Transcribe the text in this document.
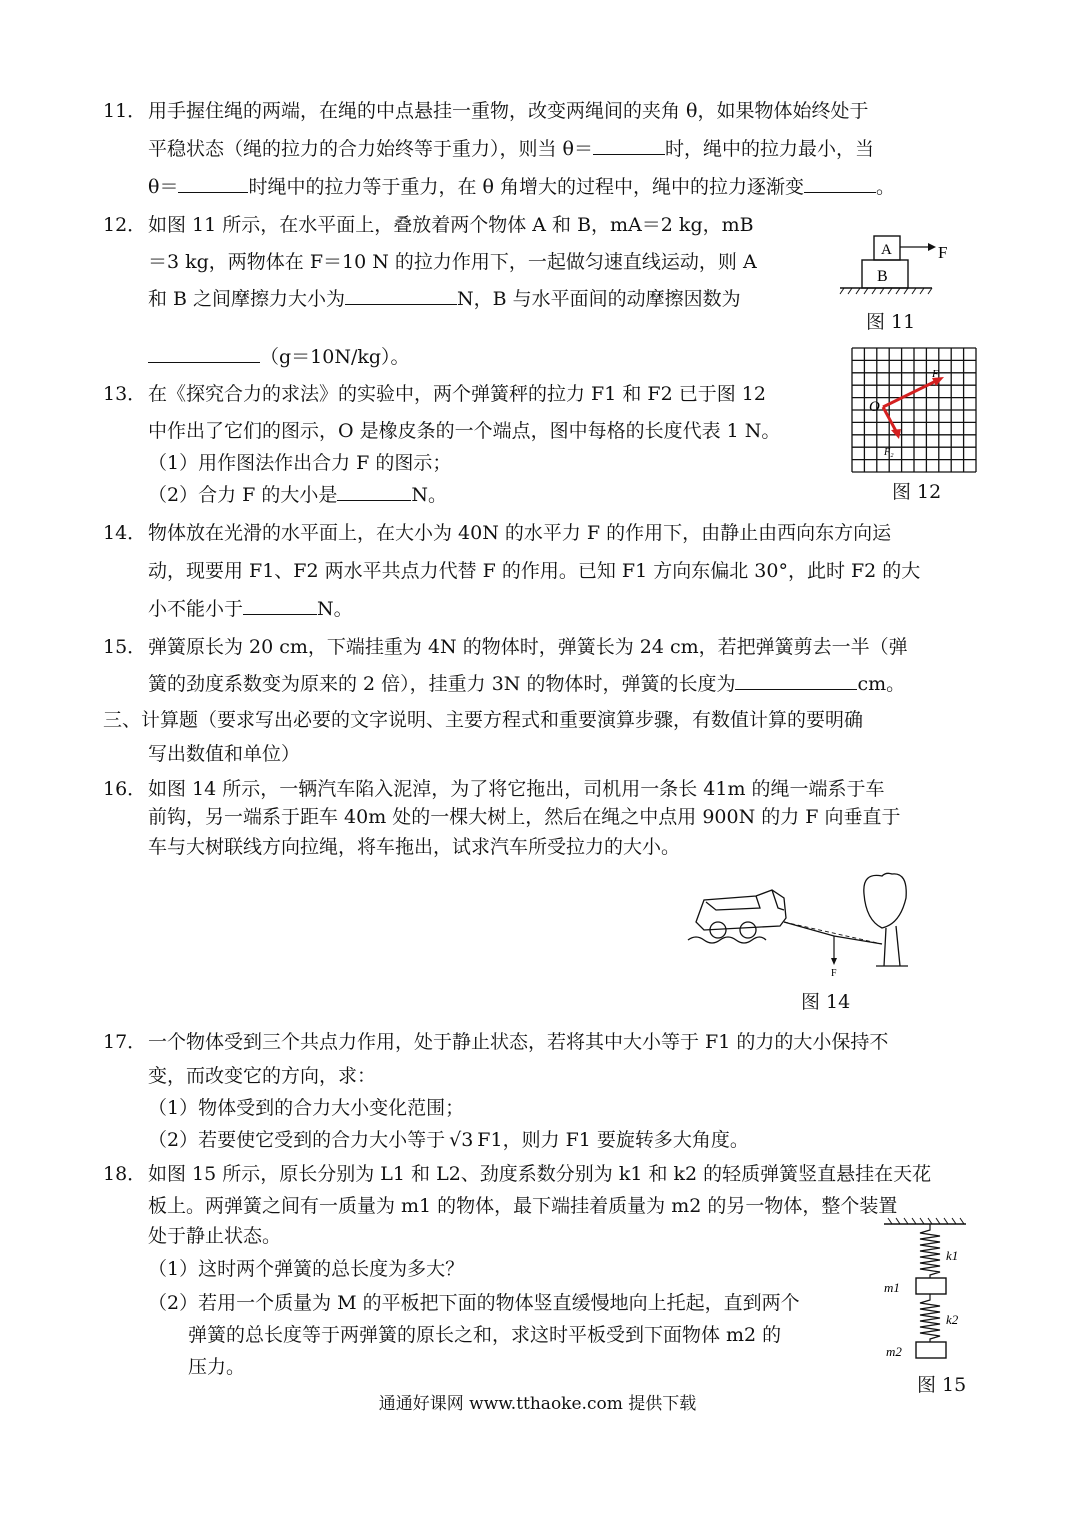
11． 用手握住绳的两端，在绳的中点悬挂一重物，改变两绳间的夹角 θ，如果物体始终处于
平稳状态（绳的拉力的合力始终等于重力），则当 θ＝	时，绳中的拉力最小，当
θ＝	时绳中的拉力等于重力，在 θ 角增大的过程中，绳中的拉力逐渐变	。
12． 如图 11 所示，在水平面上，叠放着两个物体 A 和 B，mA＝2 kg，mB
＝3 kg，两物体在 F＝10 N 的拉力作用下，一起做匀速直线运动，则 A
和 B 之间摩擦力大小为	N，B 与水平面间的动摩擦因数为
（g＝10N/kg）。
A
B
F
图 11
13． 在《探究合力的求法》的实验中，两个弹簧秤的拉力 F1 和 F2 已于图 12
中作出了它们的图示，O 是橡皮条的一个端点，图中每格的长度代表 1 N。
（1）用作图法作出合力 F 的图示；
（2）合力 F 的大小是	N。
O
F
F₂
图 12
14． 物体放在光滑的水平面上，在大小为 40N 的水平力 F 的作用下，由静止由西向东方向运
动，现要用 F1、F2 两水平共点力代替 F 的作用。已知 F1 方向东偏北 30°，此时 F2 的大
小不能小于	N。
15． 弹簧原长为 20 cm，下端挂重为 4N 的物体时，弹簧长为 24 cm，若把弹簧剪去一半（弹
簧的劲度系数变为原来的 2 倍），挂重力 3N 的物体时，弹簧的长度为	cm。
三、计算题（要求写出必要的文字说明、主要方程式和重要演算步骤，有数值计算的要明确
写出数值和单位）
16． 如图 14 所示，一辆汽车陷入泥淖，为了将它拖出，司机用一条长 41m 的绳一端系于车
前钩，另一端系于距车 40m 处的一棵大树上，然后在绳之中点用 900N 的力 F 向垂直于
车与大树联线方向拉绳，将车拖出，试求汽车所受拉力的大小。
F
图 14
17． 一个物体受到三个共点力作用，处于静止状态，若将其中大小等于 F1 的力的大小保持不
变，而改变它的方向，求：
（1）物体受到的合力大小变化范围；
（2）若要使它受到的合力大小等于 √3 F1，则力 F1 要旋转多大角度。
18． 如图 15 所示，原长分别为 L1 和 L2、劲度系数分别为 k1 和 k2 的轻质弹簧竖直悬挂在天花
板上。两弹簧之间有一质量为 m1 的物体，最下端挂着质量为 m2 的另一物体，整个装置
处于静止状态。
（1）这时两个弹簧的总长度为多大？
（2）若用一个质量为 M 的平板把下面的物体竖直缓慢地向上托起，直到两个
弹簧的总长度等于两弹簧的原长之和，求这时平板受到下面物体 m2 的
压力。
k1
k2
m1
m2
图 15
通通好课网 www.tthaoke.com 提供下载
